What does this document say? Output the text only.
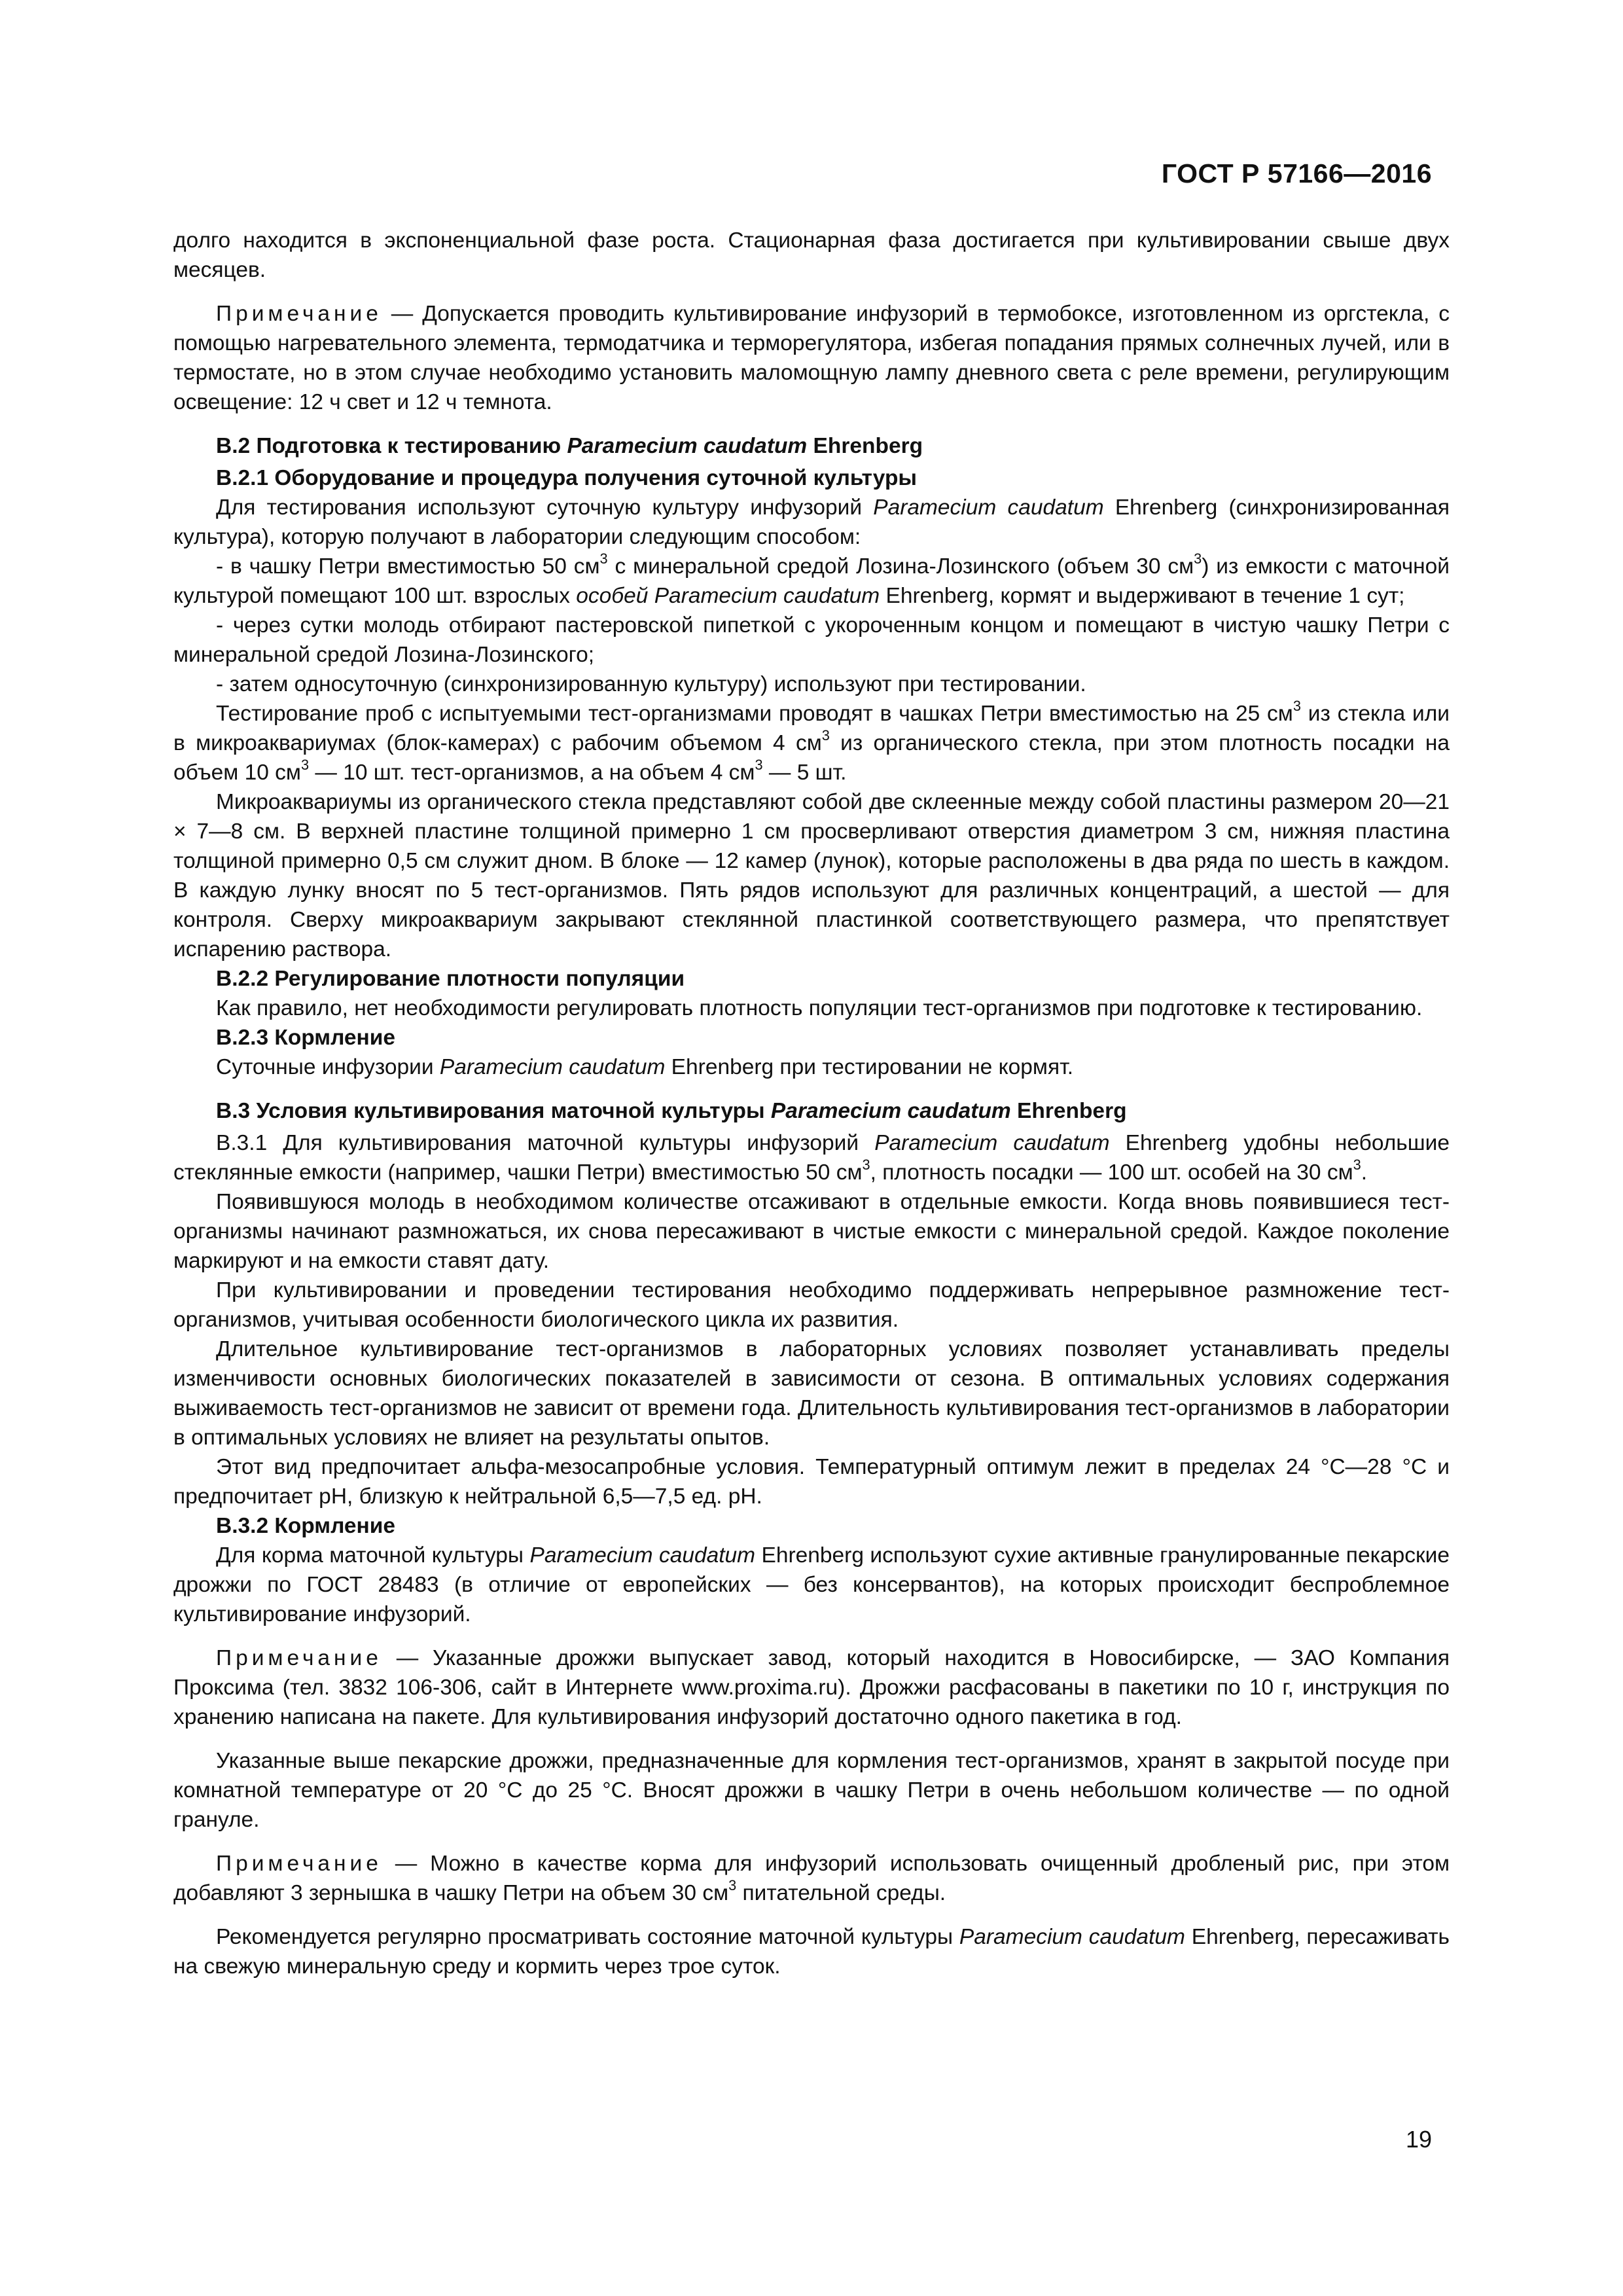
ГОСТ Р 57166—2016

долго находится в экспоненциальной фазе роста. Стационарная фаза достигается при культивировании свыше двух месяцев.

Примечание — Допускается проводить культивирование инфузорий в термобоксе, изготовленном из оргстекла, с помощью нагревательного элемента, термодатчика и терморегулятора, избегая попадания прямых солнечных лучей, или в термостате, но в этом случае необходимо установить маломощную лампу дневного света с реле времени, регулирующим освещение: 12 ч свет и 12 ч темнота.

В.2 Подготовка к тестированию Paramecium caudatum Ehrenberg

В.2.1 Оборудование и процедура получения суточной культуры

Для тестирования используют суточную культуру инфузорий Paramecium caudatum Ehrenberg (синхронизированная культура), которую получают в лаборатории следующим способом:

- в чашку Петри вместимостью 50 $см^3$ с минеральной средой Лозина-Лозинского (объем 30 $см^3$) из емкости с маточной культурой помещают 100 шт. взрослых особей Paramecium caudatum Ehrenberg, кормят и выдерживают в течение 1 сут;

- через сутки молодь отбирают пастеровской пипеткой с укороченным концом и помещают в чистую чашку Петри с минеральной средой Лозина-Лозинского;

- затем односуточную (синхронизированную культуру) используют при тестировании.

Тестирование проб с испытуемыми тест-организмами проводят в чашках Петри вместимостью на 25 $см^3$ из стекла или в микроаквариумах (блок-камерах) с рабочим объемом 4 $см^3$ из органического стекла, при этом плотность посадки на объем 10 $см^3$ — 10 шт. тест-организмов, а на объем 4 $см^3$ — 5 шт.

Микроаквариумы из органического стекла представляют собой две склеенные между собой пластины размером 20—21 × 7—8 см. В верхней пластине толщиной примерно 1 см просверливают отверстия диаметром 3 см, нижняя пластина толщиной примерно 0,5 см служит дном. В блоке — 12 камер (лунок), которые расположены в два ряда по шесть в каждом. В каждую лунку вносят по 5 тест-организмов. Пять рядов используют для различных концентраций, а шестой — для контроля. Сверху микроаквариум закрывают стеклянной пластинкой соответствующего размера, что препятствует испарению раствора.

В.2.2 Регулирование плотности популяции

Как правило, нет необходимости регулировать плотность популяции тест-организмов при подготовке к тестированию.

В.2.3 Кормление

Суточные инфузории Paramecium caudatum Ehrenberg при тестировании не кормят.

В.3 Условия культивирования маточной культуры Paramecium caudatum Ehrenberg

В.3.1 Для культивирования маточной культуры инфузорий Paramecium caudatum Ehrenberg удобны небольшие стеклянные емкости (например, чашки Петри) вместимостью 50 $см^3$, плотность посадки — 100 шт. особей на 30 $см^3$.

Появившуюся молодь в необходимом количестве отсаживают в отдельные емкости. Когда вновь появившиеся тест-организмы начинают размножаться, их снова пересаживают в чистые емкости с минеральной средой. Каждое поколение маркируют и на емкости ставят дату.

При культивировании и проведении тестирования необходимо поддерживать непрерывное размножение тест-организмов, учитывая особенности биологического цикла их развития.

Длительное культивирование тест-организмов в лабораторных условиях позволяет устанавливать пределы изменчивости основных биологических показателей в зависимости от сезона. В оптимальных условиях содержания выживаемость тест-организмов не зависит от времени года. Длительность культивирования тест-организмов в лаборатории в оптимальных условиях не влияет на результаты опытов.

Этот вид предпочитает альфа-мезосапробные условия. Температурный оптимум лежит в пределах 24 °С—28 °С и предпочитает pH, близкую к нейтральной 6,5—7,5 ед. pH.

В.3.2 Кормление

Для корма маточной культуры Paramecium caudatum Ehrenberg используют сухие активные гранулированные пекарские дрожжи по ГОСТ 28483 (в отличие от европейских — без консервантов), на которых происходит беспроблемное культивирование инфузорий.

Примечание — Указанные дрожжи выпускает завод, который находится в Новосибирске, — ЗАО Компания Проксима (тел. 3832 106-306, сайт в Интернете www.proxima.ru). Дрожжи расфасованы в пакетики по 10 г, инструкция по хранению написана на пакете. Для культивирования инфузорий достаточно одного пакетика в год.

Указанные выше пекарские дрожжи, предназначенные для кормления тест-организмов, хранят в закрытой посуде при комнатной температуре от 20 °С до 25 °С. Вносят дрожжи в чашку Петри в очень небольшом количестве — по одной грануле.

Примечание — Можно в качестве корма для инфузорий использовать очищенный дробленый рис, при этом добавляют 3 зернышка в чашку Петри на объем 30 $см^3$ питательной среды.

Рекомендуется регулярно просматривать состояние маточной культуры Paramecium caudatum Ehrenberg, пересаживать на свежую минеральную среду и кормить через трое суток.

19
